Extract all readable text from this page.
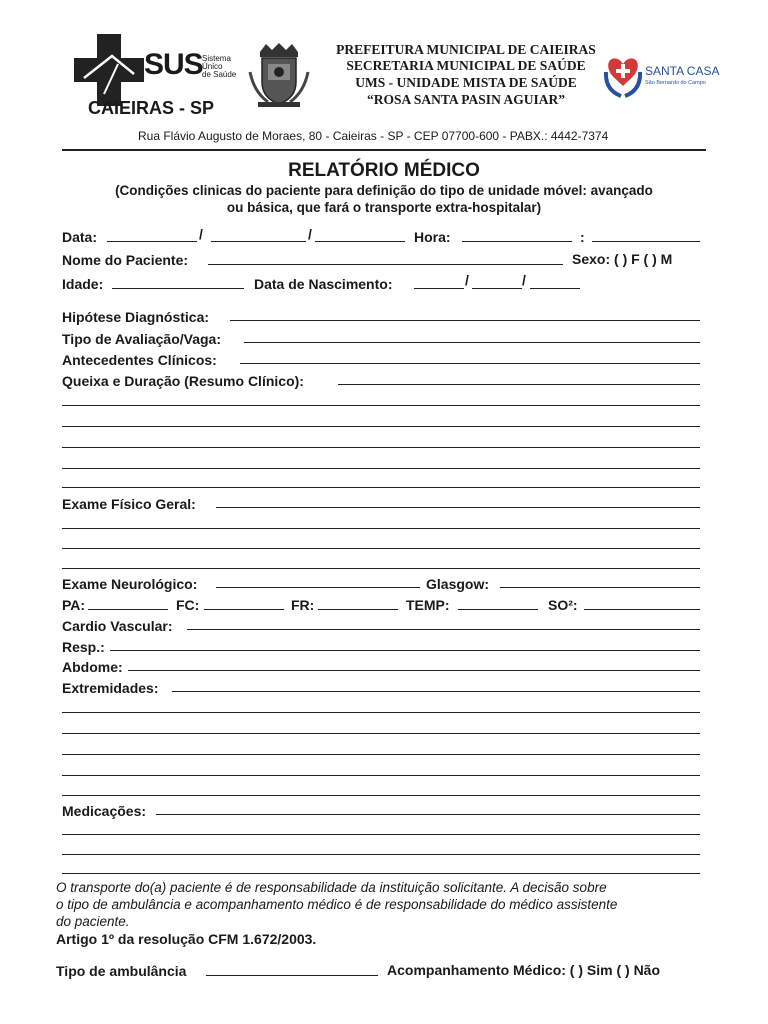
SUS Sistema
Único
de Saúde
CAIEIRAS - SP
PREFEITURA MUNICIPAL DE CAIEIRAS
SECRETARIA MUNICIPAL DE SAÚDE
UMS - UNIDADE MISTA DE SAÚDE
“ROSA SANTA PASIN AGUIAR”
SANTA CASA
São Bernardo do Campo
Rua Flávio Augusto de Moraes, 80 - Caieiras - SP - CEP 07700-600 - PABX.: 4442-7374
RELATÓRIO MÉDICO
(Condições clinicas do paciente para definição do tipo de unidade móvel: avançado
ou básica, que fará o transporte extra-hospitalar)
Data:	/	/	Hora:	:
Nome do Paciente:	Sexo: ( ) F ( ) M
Idade:	Data de Nascimento:	/	/
Hipótese Diagnóstica:
Tipo de Avaliação/Vaga:
Antecedentes Clínicos:
Queixa e Duração (Resumo Clínico):
Exame Físico Geral:
Exame Neurológico:	Glasgow:
PA:	FC:	FR:	TEMP:	SO²:
Cardio Vascular:
Resp.:
Abdome:
Extremidades:
Medicações:
O transporte do(a) paciente é de responsabilidade da instituição solicitante. A decisão sobre
o tipo de ambulância e acompanhamento médico é de responsabilidade do médico assistente
do paciente.
Artigo 1º da resolução CFM 1.672/2003.
Tipo de ambulância	Acompanhamento Médico: ( ) Sim ( ) Não
